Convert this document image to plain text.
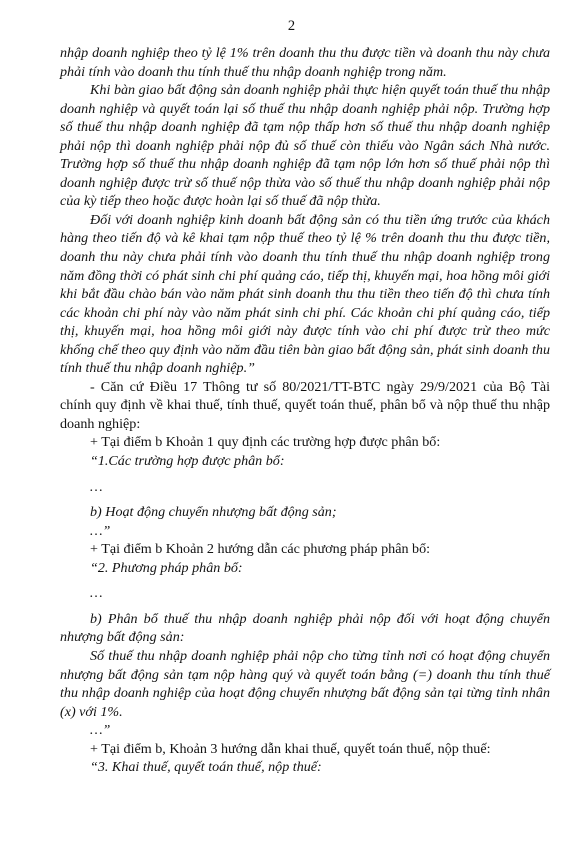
2

nhập doanh nghiệp theo tỷ lệ 1% trên doanh thu thu được tiền và doanh thu này chưa phải tính vào doanh thu tính thuế thu nhập doanh nghiệp trong năm.

Khi bàn giao bất động sản doanh nghiệp phải thực hiện quyết toán thuế thu nhập doanh nghiệp và quyết toán lại số thuế thu nhập doanh nghiệp phải nộp. Trường hợp số thuế thu nhập doanh nghiệp đã tạm nộp thấp hơn số thuế thu nhập doanh nghiệp phải nộp thì doanh nghiệp phải nộp đủ số thuế còn thiếu vào Ngân sách Nhà nước. Trường hợp số thuế thu nhập doanh nghiệp đã tạm nộp lớn hơn số thuế phải nộp thì doanh nghiệp được trừ số thuế nộp thừa vào số thuế thu nhập doanh nghiệp phải nộp của kỳ tiếp theo hoặc được hoàn lại số thuế đã nộp thừa.

Đối với doanh nghiệp kinh doanh bất động sản có thu tiền ứng trước của khách hàng theo tiến độ và kê khai tạm nộp thuế theo tỷ lệ % trên doanh thu thu được tiền, doanh thu này chưa phải tính vào doanh thu tính thuế thu nhập doanh nghiệp trong năm đồng thời có phát sinh chi phí quảng cáo, tiếp thị, khuyến mại, hoa hồng môi giới khi bắt đầu chào bán vào năm phát sinh doanh thu thu tiền theo tiến độ thì chưa tính các khoản chi phí này vào năm phát sinh chi phí. Các khoản chi phí quảng cáo, tiếp thị, khuyến mại, hoa hồng môi giới này được tính vào chi phí được trừ theo mức khống chế theo quy định vào năm đầu tiên bàn giao bất động sản, phát sinh doanh thu tính thuế thu nhập doanh nghiệp.”

- Căn cứ Điều 17 Thông tư số 80/2021/TT-BTC ngày 29/9/2021 của Bộ Tài chính quy định về khai thuế, tính thuế, quyết toán thuế, phân bổ và nộp thuế thu nhập doanh nghiệp:

+ Tại điểm b Khoản 1 quy định các trường hợp được phân bổ:

“1.Các trường hợp được phân bổ:

…

b) Hoạt động chuyển nhượng bất động sản;

…”

+ Tại điểm b Khoản 2 hướng dẫn các phương pháp phân bổ:

“2. Phương pháp phân bổ:

…

b) Phân bổ thuế thu nhập doanh nghiệp phải nộp đối với hoạt động chuyển nhượng bất động sản:

Số thuế thu nhập doanh nghiệp phải nộp cho từng tỉnh nơi có hoạt động chuyển nhượng bất động sản tạm nộp hàng quý và quyết toán bằng (=) doanh thu tính thuế thu nhập doanh nghiệp của hoạt động chuyển nhượng bất động sản tại từng tỉnh nhân (x) với 1%.

…”

+ Tại điểm b, Khoản 3 hướng dẫn khai thuế, quyết toán thuế, nộp thuế:

“3. Khai thuế, quyết toán thuế, nộp thuế:
